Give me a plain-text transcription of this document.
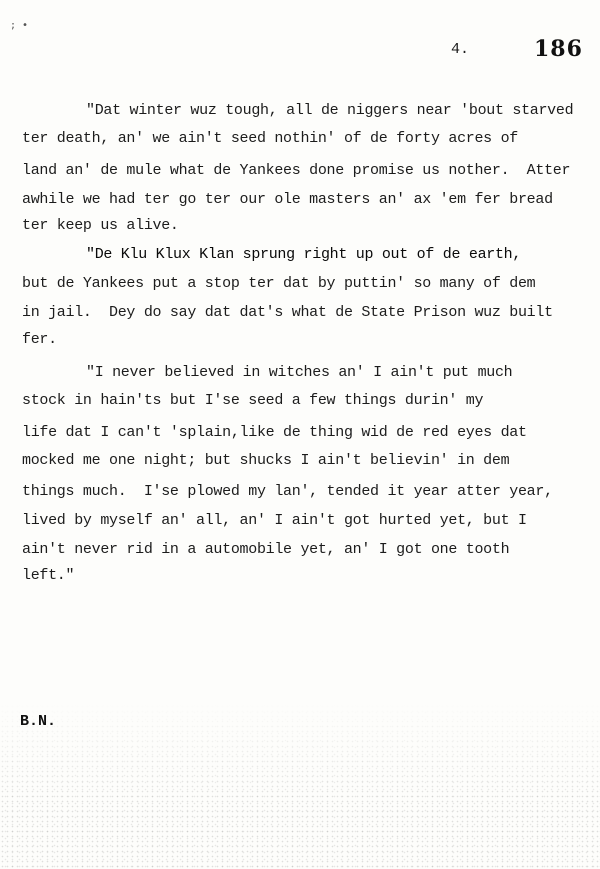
; •
4.	186
"Dat winter wuz tough, all de niggers near 'bout starved
ter death, an' we ain't seed nothin' of de forty acres of
land an' de mule what de Yankees done promise us nother.  Atter
awhile we had ter go ter our ole masters an' ax 'em fer bread
ter keep us alive.
"De Klu Klux Klan sprung right up out of de earth,
but de Yankees put a stop ter dat by puttin' so many of dem
in jail.  Dey do say dat dat's what de State Prison wuz built
fer.
"I never believed in witches an' I ain't put much
stock in hain'ts but I'se seed a few things durin' my
life dat I can't 'splain,like de thing wid de red eyes dat
mocked me one night; but shucks I ain't believin' in dem
things much.  I'se plowed my lan', tended it year atter year,
lived by myself an' all, an' I ain't got hurted yet, but I
ain't never rid in a automobile yet, an' I got one tooth
left."
B.N.
